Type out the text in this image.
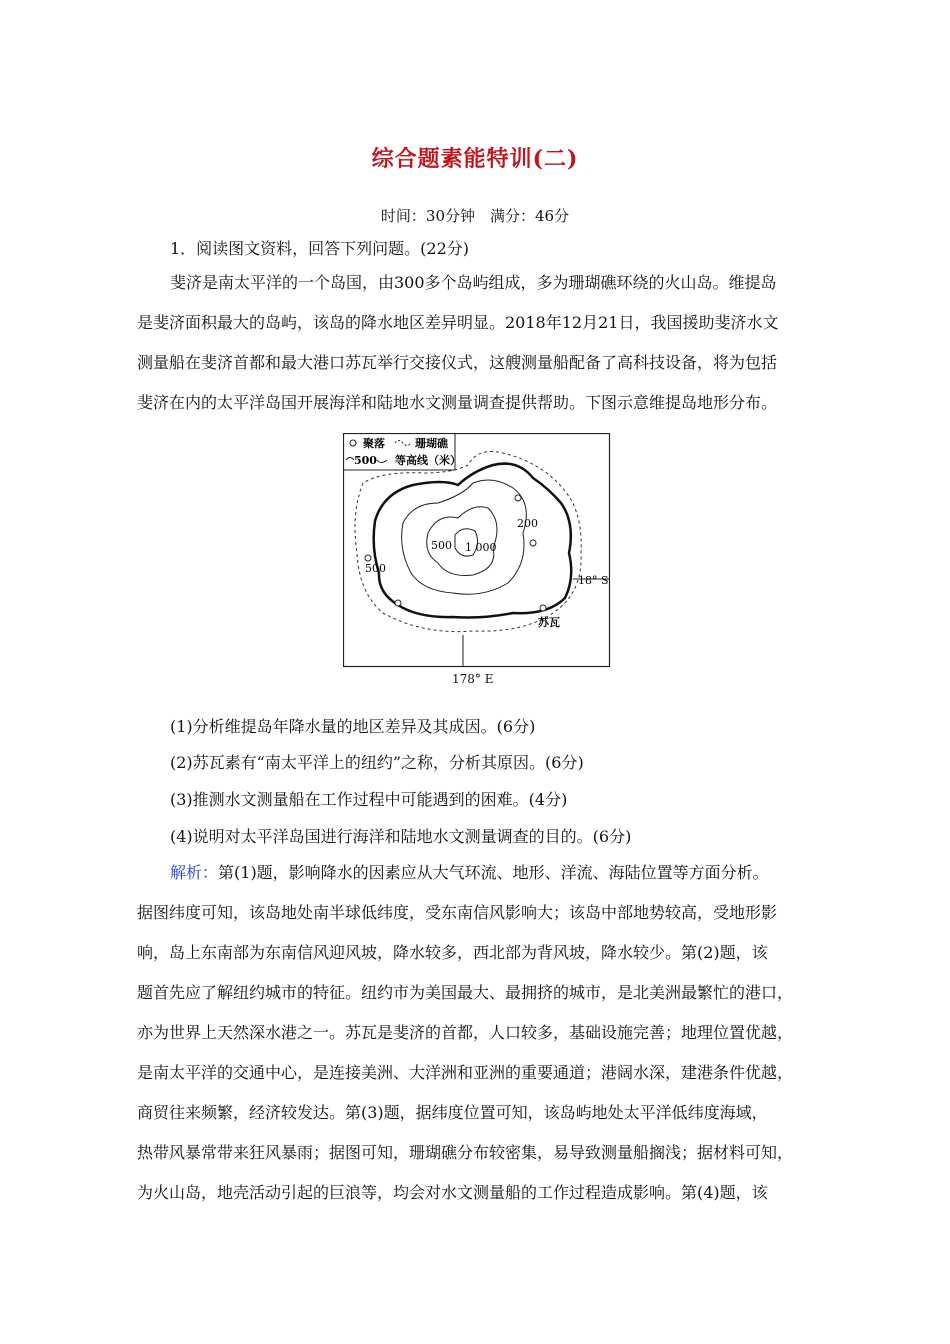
综合题素能特训(二)
时间：30分钟　满分：46分
1．阅读图文资料，回答下列问题。(22分)
斐济是南太平洋的一个岛国，由300多个岛屿组成，多为珊瑚礁环绕的火山岛。维提岛
是斐济面积最大的岛屿，该岛的降水地区差异明显。2018年12月21日，我国援助斐济水文
测量船在斐济首都和最大港口苏瓦举行交接仪式，这艘测量船配备了高科技设备，将为包括
斐济在内的太平洋岛国开展海洋和陆地水文测量调查提供帮助。下图示意维提岛地形分布。
聚落	珊瑚礁
500 等高线（米）
200
500 1 000
500
苏瓦
18° S
178° E
(1)分析维提岛年降水量的地区差异及其成因。(6分)
(2)苏瓦素有“南太平洋上的纽约”之称，分析其原因。(6分)
(3)推测水文测量船在工作过程中可能遇到的困难。(4分)
(4)说明对太平洋岛国进行海洋和陆地水文测量调查的目的。(6分)
解析：第(1)题，影响降水的因素应从大气环流、地形、洋流、海陆位置等方面分析。
据图纬度可知，该岛地处南半球低纬度，受东南信风影响大；该岛中部地势较高，受地形影
响，岛上东南部为东南信风迎风坡，降水较多，西北部为背风坡，降水较少。第(2)题，该
题首先应了解纽约城市的特征。纽约市为美国最大、最拥挤的城市，是北美洲最繁忙的港口，
亦为世界上天然深水港之一。苏瓦是斐济的首都，人口较多，基础设施完善；地理位置优越，
是南太平洋的交通中心，是连接美洲、大洋洲和亚洲的重要通道；港阔水深，建港条件优越，
商贸往来频繁，经济较发达。第(3)题，据纬度位置可知，该岛屿地处太平洋低纬度海域，
热带风暴常带来狂风暴雨；据图可知，珊瑚礁分布较密集，易导致测量船搁浅；据材料可知，
为火山岛，地壳活动引起的巨浪等，均会对水文测量船的工作过程造成影响。第(4)题，该
